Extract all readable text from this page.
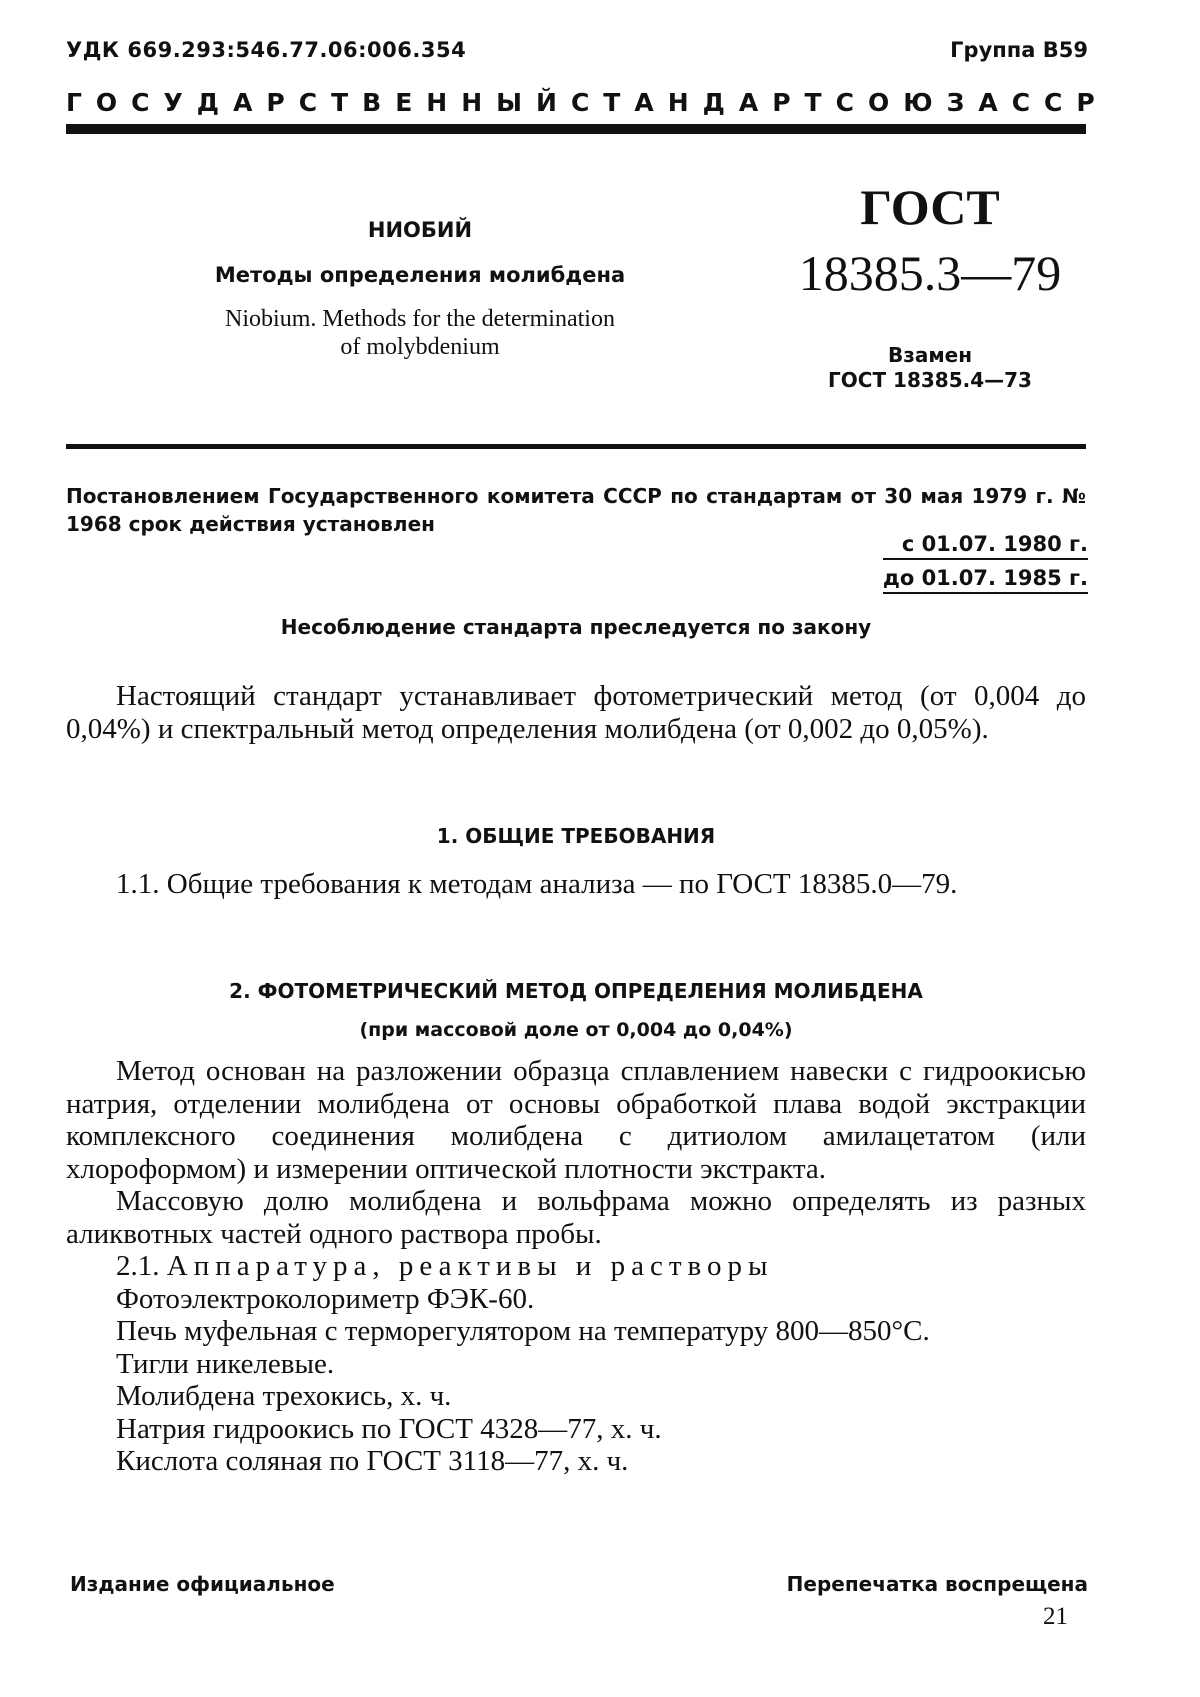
УДК 669.293:546.77.06:006.354	Группа В59
ГОСУДАРСТВЕННЫЙ СТАНДАРТ СОЮЗА ССР
НИОБИЙ
Методы определения молибдена
Niobium. Methods for the determination
of molybdenium
ГОСТ
18385.3—79
Взамен
ГОСТ 18385.4—73
Постановлением Государственного комитета СССР по стандартам от 30 мая 1979 г. № 1968 срок действия установлен
с 01.07. 1980 г.
до 01.07. 1985 г.
Несоблюдение стандарта преследуется по закону

Настоящий стандарт устанавливает фотометрический метод (от 0,004 до 0,04%) и спектральный метод определения молибдена (от 0,002 до 0,05%).

1. ОБЩИЕ ТРЕБОВАНИЯ

1.1. Общие требования к методам анализа — по ГОСТ 18385.0—79.

2. ФОТОМЕТРИЧЕСКИЙ МЕТОД ОПРЕДЕЛЕНИЯ МОЛИБДЕНА
(при массовой доле от 0,004 до 0,04%)

Метод основан на разложении образца сплавлением навески с гидроокисью натрия, отделении молибдена от основы обработкой плава водой экстракции комплексного соединения молибдена с дитиолом амилацетатом (или хлороформом) и измерении оптической плотности экстракта.

Массовую долю молибдена и вольфрама можно определять из разных аликвотных частей одного раствора пробы.

2.1. Аппаратура, реактивы и растворы

Фотоэлектроколориметр ФЭК-60.

Печь муфельная с терморегулятором на температуру 800—850°С.

Тигли никелевые.

Молибдена трехокись, х. ч.

Натрия гидроокись по ГОСТ 4328—77, х. ч.

Кислота соляная по ГОСТ 3118—77, х. ч.

Издание официальное	Перепечатка воспрещена
21
